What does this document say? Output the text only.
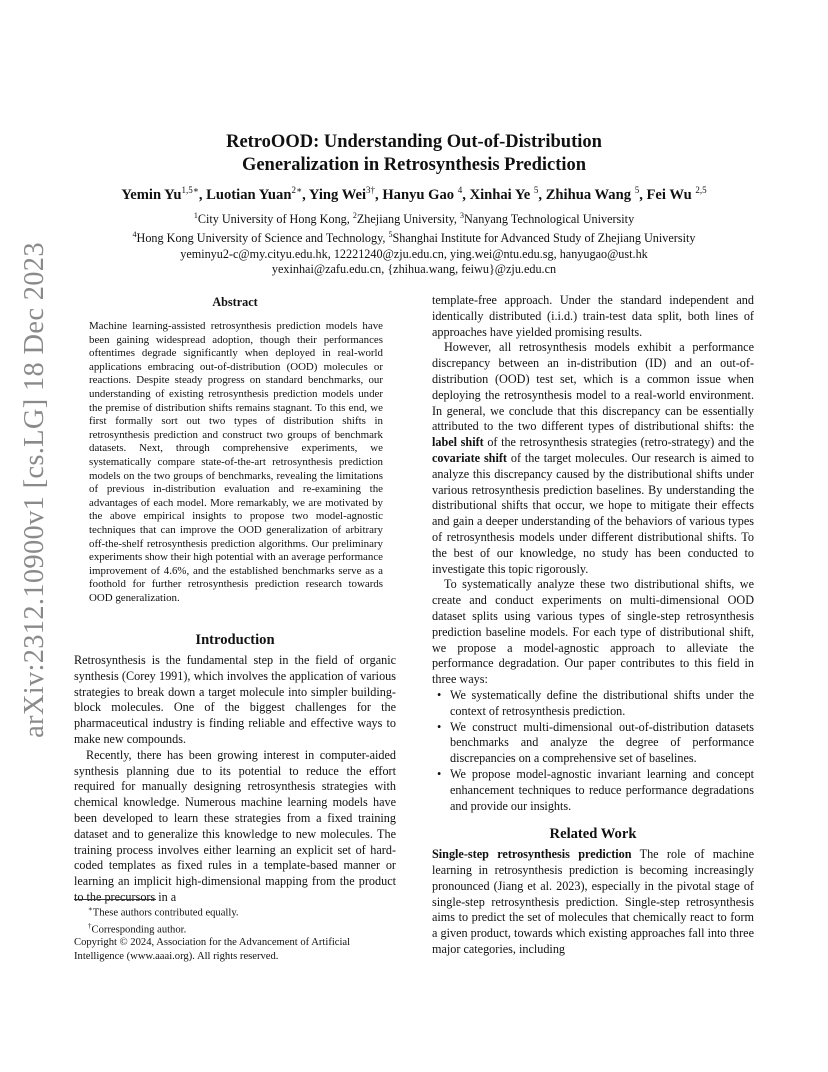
arXiv:2312.10900v1 [cs.LG] 18 Dec 2023
RetroOOD: Understanding Out-of-Distribution
Generalization in Retrosynthesis Prediction
Yemin $Yu^{1,5∗}$, Luotian Yuan$^{2∗}$, Ying Wei$^{3\dagger}$, Hanyu Gao $^4$, Xinhai Ye $^5$, Zhihua Wang $^5$, Fei Wu $^{2,5}$
$^1$City University of Hong Kong, $^2$Zhejiang University, $^3$Nanyang Technological University
$^4$Hong Kong University of Science and Technology, $^5$Shanghai Institute for Advanced Study of Zhejiang University
yeminyu2-c@my.cityu.edu.hk, 12221240@zju.edu.cn, ying.wei@ntu.edu.sg, hanyugao@ust.hk
yexinhai@zafu.edu.cn, {zhihua.wang, feiwu}@zju.edu.cn
Abstract
Machine learning-assisted retrosynthesis prediction models have been gaining widespread adoption, though their performances oftentimes degrade significantly when deployed in real-world applications embracing out-of-distribution (OOD) molecules or reactions. Despite steady progress on standard benchmarks, our understanding of existing retrosynthesis prediction models under the premise of distribution shifts remains stagnant. To this end, we first formally sort out two types of distribution shifts in retrosynthesis prediction and construct two groups of benchmark datasets. Next, through comprehensive experiments, we systematically compare state-of-the-art retrosynthesis prediction models on the two groups of benchmarks, revealing the limitations of previous in-distribution evaluation and re-examining the advantages of each model. More remarkably, we are motivated by the above empirical insights to propose two model-agnostic techniques that can improve the OOD generalization of arbitrary off-the-shelf retrosynthesis prediction algorithms. Our preliminary experiments show their high potential with an average performance improvement of 4.6%, and the established benchmarks serve as a foothold for further retrosynthesis prediction research towards OOD generalization.
Introduction

Retrosynthesis is the fundamental step in the field of organic synthesis (Corey 1991), which involves the application of various strategies to break down a target molecule into simpler building-block molecules. One of the biggest challenges for the pharmaceutical industry is finding reliable and effective ways to make new compounds.

Recently, there has been growing interest in computer-aided synthesis planning due to its potential to reduce the effort required for manually designing retrosynthesis strategies with chemical knowledge. Numerous machine learning models have been developed to learn these strategies from a fixed training dataset and to generalize this knowledge to new molecules. The training process involves either learning an explicit set of hard-coded templates as fixed rules in a template-based manner or learning an implicit high-dimensional mapping from the product to the precursors in a

∗These authors contributed equally.
†Corresponding author.
Copyright © 2024, Association for the Advancement of Artificial Intelligence (www.aaai.org). All rights reserved.

template-free approach. Under the standard independent and identically distributed (i.i.d.) train-test data split, both lines of approaches have yielded promising results.

However, all retrosynthesis models exhibit a performance discrepancy between an in-distribution (ID) and an out-of-distribution (OOD) test set, which is a common issue when deploying the retrosynthesis model to a real-world environment. In general, we conclude that this discrepancy can be essentially attributed to the two different types of distributional shifts: the label shift of the retrosynthesis strategies (retro-strategy) and the covariate shift of the target molecules. Our research is aimed to analyze this discrepancy caused by the distributional shifts under various retrosynthesis prediction baselines. By understanding the distributional shifts that occur, we hope to mitigate their effects and gain a deeper understanding of the behaviors of various types of retrosynthesis models under different distributional shifts. To the best of our knowledge, no study has been conducted to investigate this topic rigorously.

To systematically analyze these two distributional shifts, we create and conduct experiments on multi-dimensional OOD dataset splits using various types of single-step retrosynthesis prediction baseline models. For each type of distributional shift, we propose a model-agnostic approach to alleviate the performance degradation. Our paper contributes to this field in three ways:

• We systematically define the distributional shifts under the context of retrosynthesis prediction.
• We construct multi-dimensional out-of-distribution datasets benchmarks and analyze the degree of performance discrepancies on a comprehensive set of baselines.
• We propose model-agnostic invariant learning and concept enhancement techniques to reduce performance degradations and provide our insights.
Related Work

Single-step retrosynthesis prediction The role of machine learning in retrosynthesis prediction is becoming increasingly pronounced (Jiang et al. 2023), especially in the pivotal stage of single-step retrosynthesis prediction. Single-step retrosynthesis aims to predict the set of molecules that chemically react to form a given product, towards which existing approaches fall into three major categories, including
